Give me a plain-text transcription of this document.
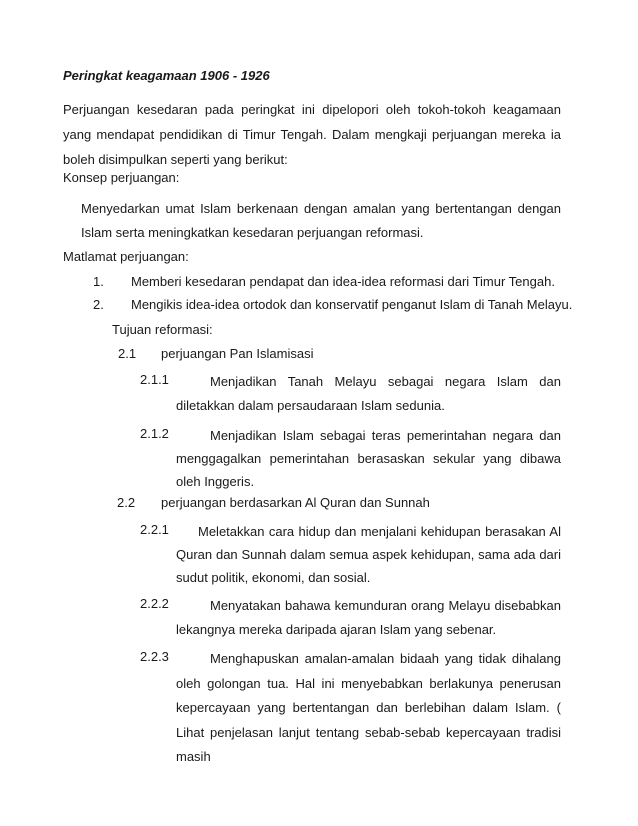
Peringkat keagamaan 1906 - 1926
Perjuangan kesedaran pada peringkat ini dipelopori oleh tokoh-tokoh keagamaan yang mendapat pendidikan di Timur Tengah. Dalam mengkaji perjuangan mereka ia boleh disimpulkan seperti yang berikut:
Konsep perjuangan:
Menyedarkan umat Islam berkenaan dengan amalan yang bertentangan dengan Islam serta meningkatkan kesedaran perjuangan reformasi.
Matlamat perjuangan:
1. Memberi kesedaran pendapat dan idea-idea reformasi dari Timur Tengah.
2. Mengikis idea-idea ortodok dan konservatif penganut Islam di Tanah Melayu.
Tujuan reformasi:
2.1 perjuangan Pan Islamisasi
2.1.1	Menjadikan Tanah Melayu sebagai negara Islam dan
diletakkan dalam persaudaraan Islam sedunia.
2.1.2	Menjadikan Islam sebagai teras pemerintahan negara dan
menggagalkan pemerintahan berasaskan sekular yang dibawa oleh Inggeris.
2.2 perjuangan berdasarkan Al Quran dan Sunnah
2.2.1	Meletakkan cara hidup dan menjalani kehidupan berasakan Al
Quran dan Sunnah dalam semua aspek kehidupan, sama ada dari sudut politik, ekonomi, dan sosial.
2.2.2	Menyatakan bahawa kemunduran orang Melayu disebabkan
lekangnya mereka daripada ajaran Islam yang sebenar.
2.2.3	Menghapuskan amalan-amalan bidaah yang tidak dihalang
oleh golongan tua. Hal ini menyebabkan berlakunya penerusan kepercayaan yang bertentangan dan berlebihan dalam Islam. ( Lihat penjelasan lanjut tentang sebab-sebab kepercayaan tradisi masih
